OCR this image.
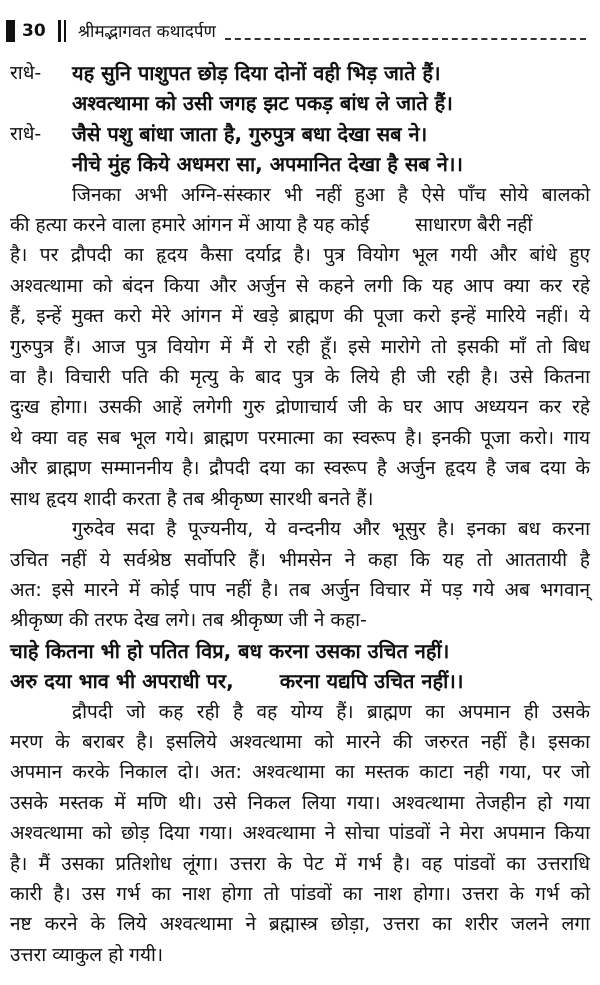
30 श्रीमद्भागवत कथादर्पण
राधे-	यह सुनि पाशुपत छोड़ दिया दोनों वही भिड़ जाते हैं।
अश्वत्थामा को उसी जगह झट पकड़ बांध ले जाते हैं।
राधे-	जैसे पशु बांधा जाता है, गुरुपुत्र बधा देखा सब ने।
नीचे मुंह किये अधमरा सा, अपमानित देखा है सब ने।।
जिनका अभी अग्नि-संस्कार भी नहीं हुआ है ऐसे पाँच सोये बालको
की हत्या करने वाला हमारे आंगन में आया है यह कोई साधारण बैरी नहीं
है। पर द्रौपदी का हृदय कैसा दर्याद्र है। पुत्र वियोग भूल गयी और बांधे हुए
अश्वत्थामा को बंदन किया और अर्जुन से कहने लगी कि यह आप क्या कर रहे
हैं, इन्हें मुक्त करो मेरे आंगन में खड़े ब्राह्मण की पूजा करो इन्हें मारिये नहीं। ये
गुरुपुत्र हैं। आज पुत्र वियोग में मैं रो रही हूँ। इसे मारोगे तो इसकी माँ तो बिध
वा है। विचारी पति की मृत्यु के बाद पुत्र के लिये ही जी रही है। उसे कितना
दुःख होगा। उसकी आहें लगेगी गुरु द्रोणाचार्य जी के घर आप अध्ययन कर रहे
थे क्या वह सब भूल गये। ब्राह्मण परमात्मा का स्वरूप है। इनकी पूजा करो। गाय
और ब्राह्मण सम्माननीय है। द्रौपदी दया का स्वरूप है अर्जुन हृदय है जब दया के
साथ हृदय शादी करता है तब श्रीकृष्ण सारथी बनते हैं।
गुरुदेव सदा है पूज्यनीय, ये वन्दनीय और भूसुर है। इनका बध करना
उचित नहीं ये सर्वश्रेष्ठ सर्वोपरि हैं। भीमसेन ने कहा कि यह तो आततायी है
अत: इसे मारने में कोई पाप नहीं है। तब अर्जुन विचार में पड़ गये अब भगवान्
श्रीकृष्ण की तरफ देख लगे। तब श्रीकृष्ण जी ने कहा-
चाहे कितना भी हो पतित विप्र, बध करना उसका उचित नहीं।
अरु दया भाव भी अपराधी पर, करना यद्यपि उचित नहीं।।
द्रौपदी जो कह रही है वह योग्य हैं। ब्राह्मण का अपमान ही उसके
मरण के बराबर है। इसलिये अश्वत्थामा को मारने की जरुरत नहीं है। इसका
अपमान करके निकाल दो। अत: अश्वत्थामा का मस्तक काटा नही गया, पर जो
उसके मस्तक में मणि थी। उसे निकल लिया गया। अश्वत्थामा तेजहीन हो गया
अश्वत्थामा को छोड़ दिया गया। अश्वत्थामा ने सोचा पांडवों ने मेरा अपमान किया
है। मैं उसका प्रतिशोध लूंगा। उत्तरा के पेट में गर्भ है। वह पांडवों का उत्तराधि
कारी है। उस गर्भ का नाश होगा तो पांडवों का नाश होगा। उत्तरा के गर्भ को
नष्ट करने के लिये अश्वत्थामा ने ब्रह्मास्त्र छोड़ा, उत्तरा का शरीर जलने लगा
उत्तरा व्याकुल हो गयी।
